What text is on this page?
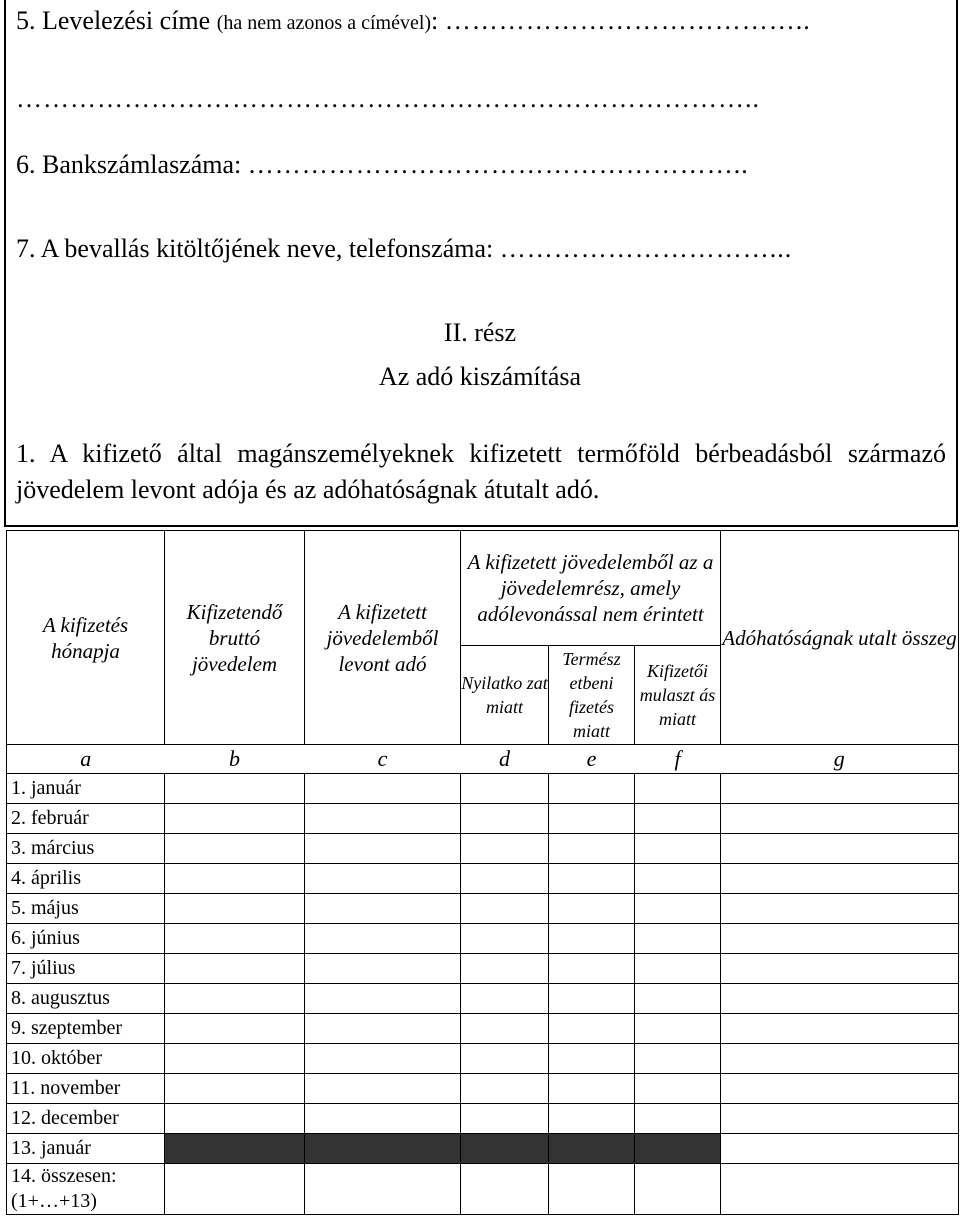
5. Levelezési címe (ha nem azonos a címével): …………………………………..
………………………………………………………………………..
6. Bankszámlaszáma: ………………………………………………..
7. A bevallás kitöltőjének neve, telefonszáma: …………………………...
II. rész
Az adó kiszámítása
1. A kifizető által magánszemélyeknek kifizetett termőföld bérbeadásból származó jövedelem levont adója és az adóhatóságnak átutalt adó.
A kifizetés hónapja	Kifizetendő bruttó jövedelem	A kifizetett jövedelemből levont adó	A kifizetett jövedelemből az a jövedelemrész, amely adólevonással nem érintett			Adóhatóságnak utalt összeg
			Nyilatko zat miatt	Termész etbeni fizetés miatt	Kifizetői mulaszt ás miatt	
a	b	c	d	e	f	g
1. január						
2. február						
3. március						
4. április						
5. május						
6. június						
7. július						
8. augusztus						
9. szeptember						
10. október						
11. november						
12. december						
13. január						
14. összesen: (1+…+13)						
